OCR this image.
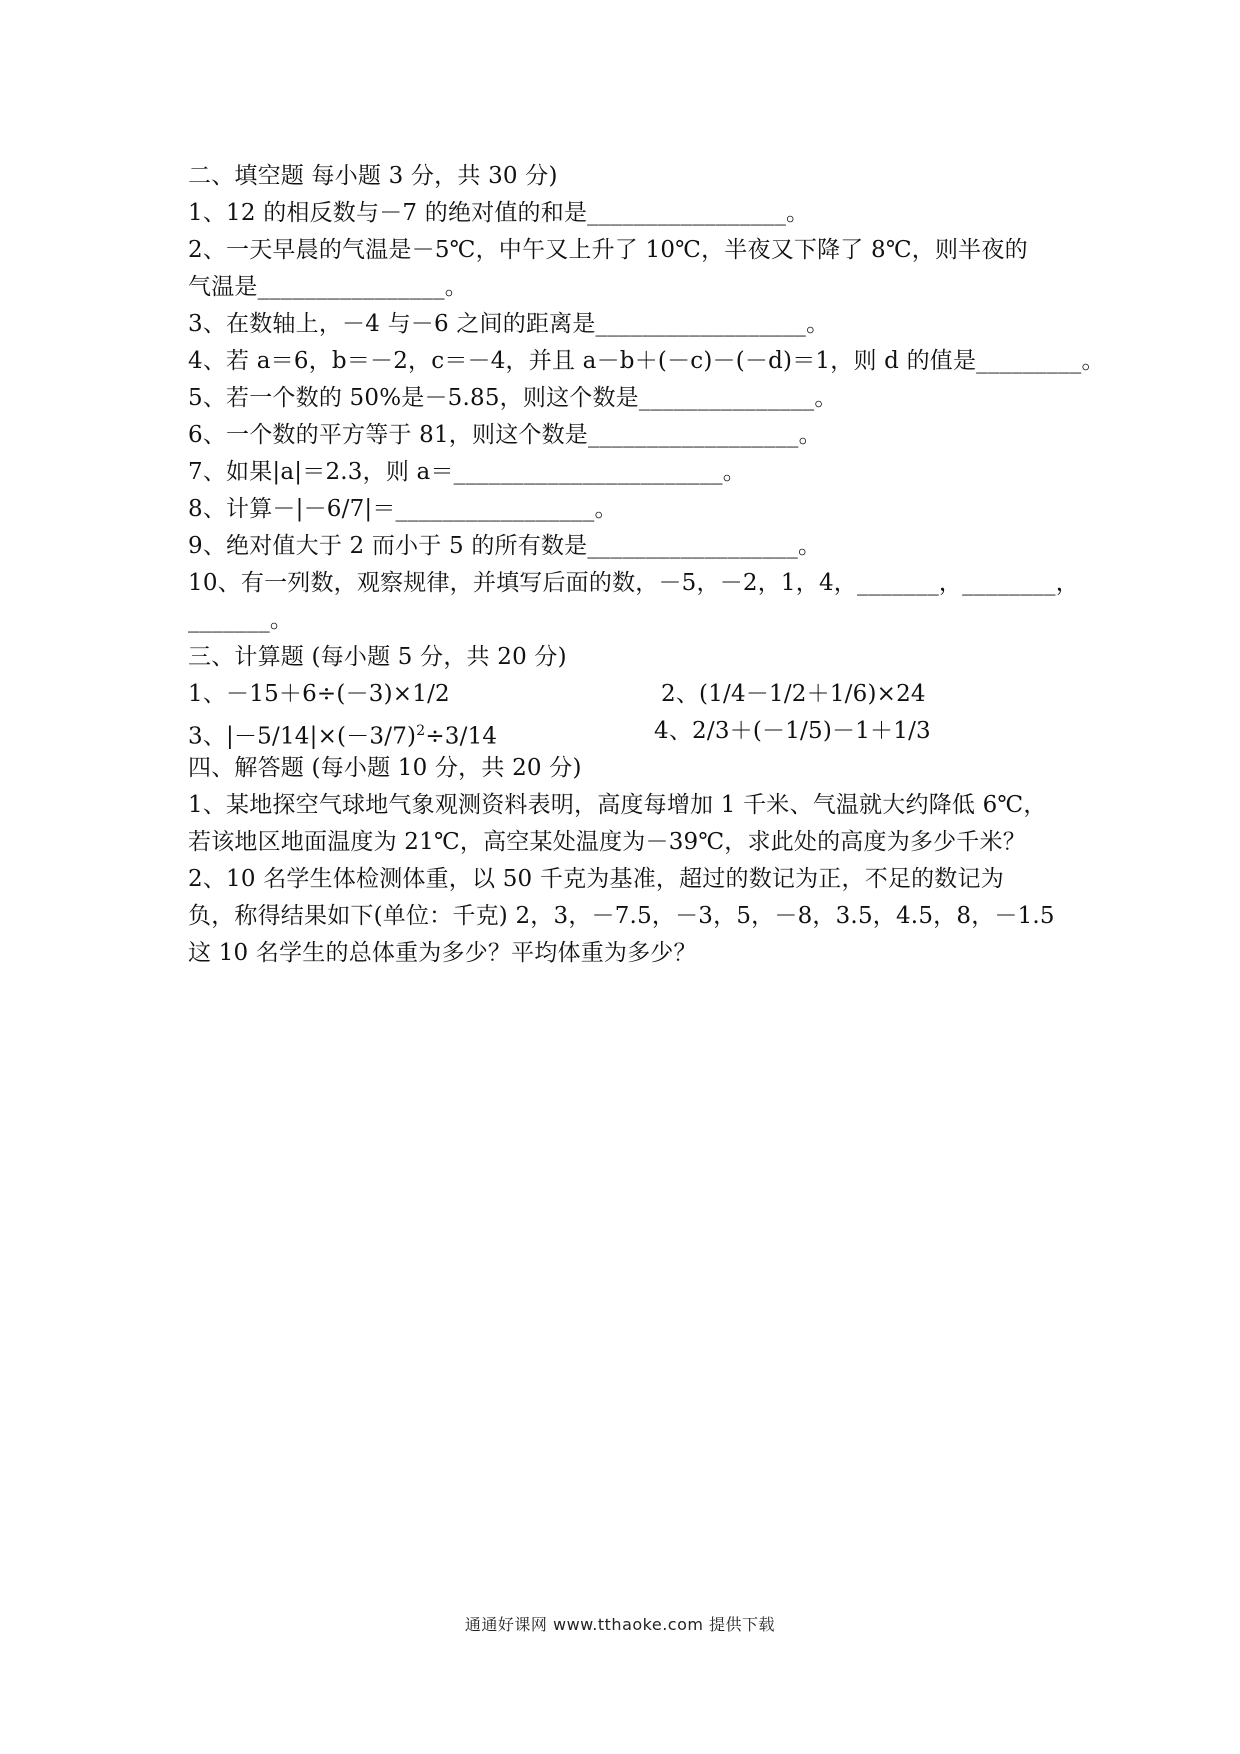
二、填空题 每小题 3 分，共 30 分)
1、12 的相反数与－7 的绝对值的和是_________________。
2、一天早晨的气温是－5℃，中午又上升了 10℃，半夜又下降了 8℃，则半夜的
气温是________________。
3、在数轴上，－4 与－6 之间的距离是__________________。
4、若 a＝6，b＝－2，c＝－4，并且 a－b＋(－c)－(－d)＝1，则 d 的值是_________。
5、若一个数的 50%是－5.85，则这个数是_______________。
6、一个数的平方等于 81，则这个数是__________________。
7、如果|a|＝2.3，则 a＝_______________________。
8、计算－|－6/7|＝_________________。
9、绝对值大于 2 而小于 5 的所有数是__________________。
10、有一列数，观察规律，并填写后面的数，－5，－2，1，4，_______，________，
_______。
三、计算题 (每小题 5 分，共 20 分)
1、－15＋6÷(－3)×1/2	2、(1/4－1/2＋1/6)×24
3、$|-5/14|\times(-3/7)^2\div 3/14$	4、2/3＋(－1/5)－1＋1/3
四、解答题 (每小题 10 分，共 20 分)
1、某地探空气球地气象观测资料表明，高度每增加 1 千米、气温就大约降低 6℃，
若该地区地面温度为 21℃，高空某处温度为－39℃，求此处的高度为多少千米？
2、10 名学生体检测体重，以 50 千克为基准，超过的数记为正，不足的数记为
负，称得结果如下(单位：千克) 2，3，－7.5，－3，5，－8，3.5，4.5，8，－1.5
这 10 名学生的总体重为多少？平均体重为多少？
通通好课网 www.tthaoke.com 提供下载
